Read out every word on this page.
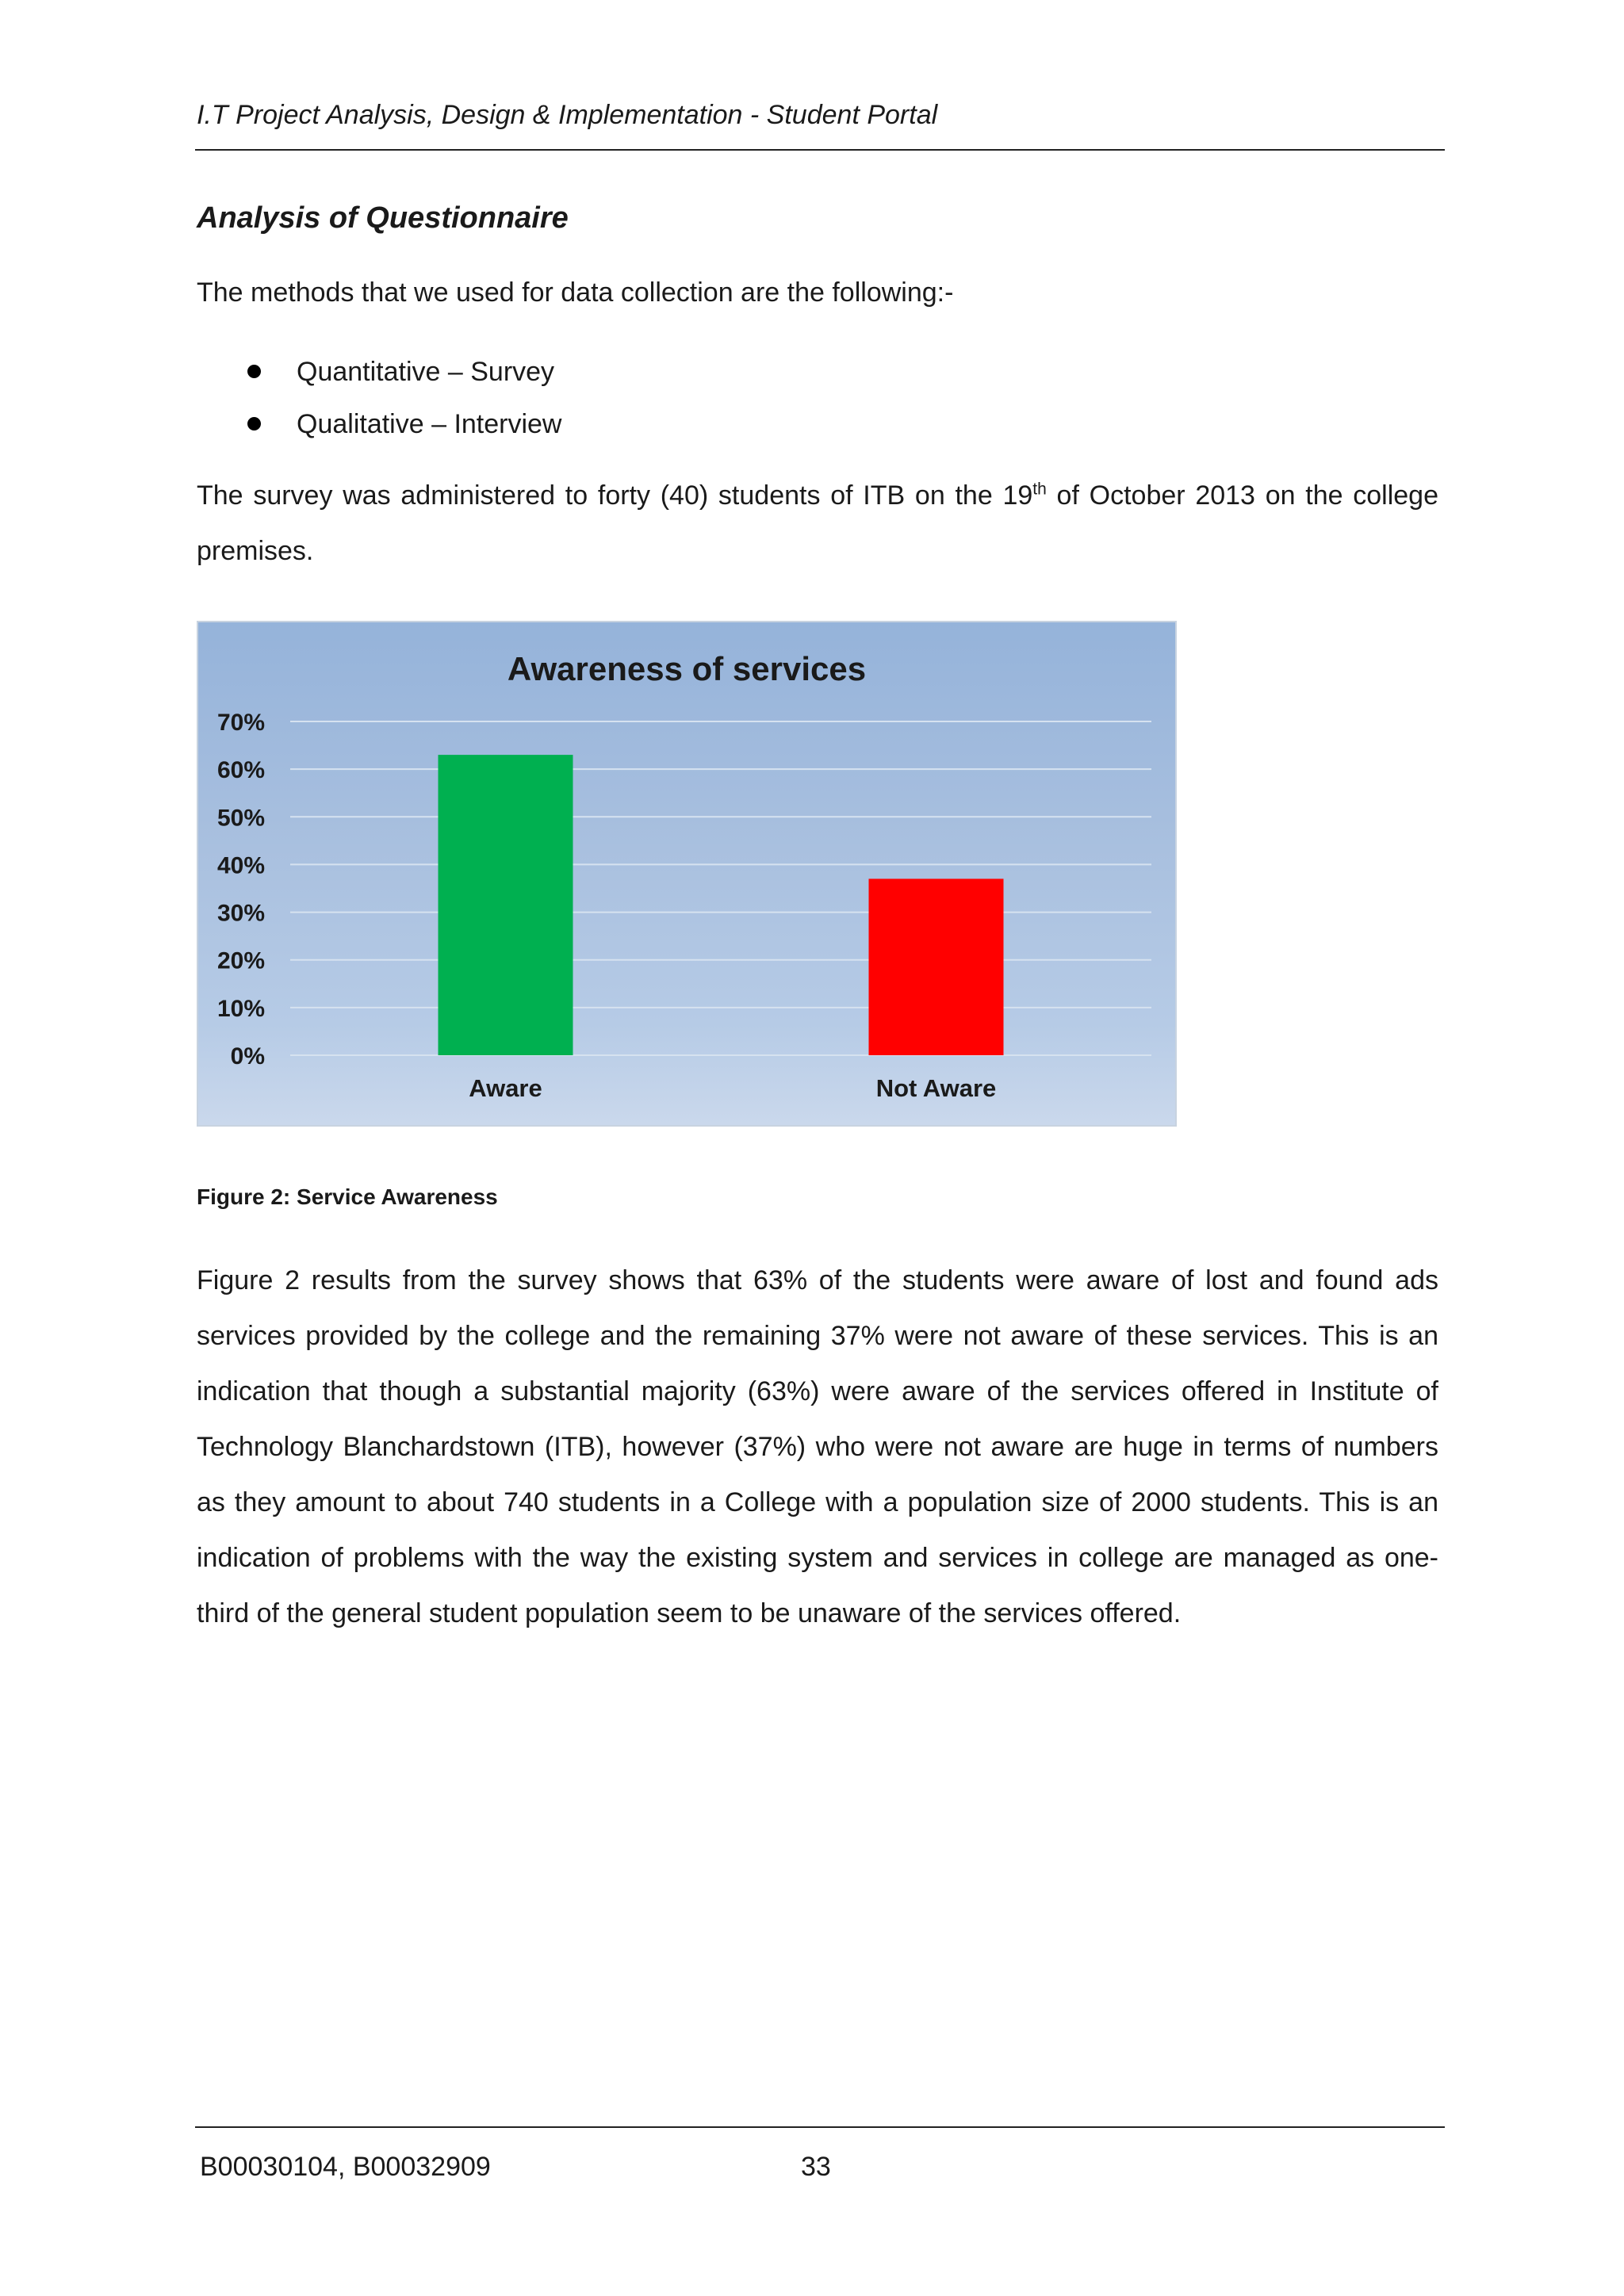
I.T Project Analysis, Design & Implementation - Student Portal
Analysis of Questionnaire
The methods that we used for data collection are the following:-
Quantitative – Survey
Qualitative – Interview
The survey was administered to forty (40) students of ITB on the 19th of October 2013 on the college premises.
Awareness of services
0%
10%
20%
30%
40%
50%
60%
70%
Aware	Not Aware
Figure 2: Service Awareness
Figure 2 results from the survey shows that 63% of the students were aware of lost and found ads services provided by the college and the remaining 37% were not aware of these services. This is an indication that though a substantial majority (63%) were aware of the services offered in Institute of Technology Blanchardstown (ITB), however (37%) who were not aware are huge in terms of numbers as they amount to about 740 students in a College with a population size of 2000 students. This is an indication of problems with the way the existing system and services in college are managed as one-third of the general student population seem to be unaware of the services offered.
B00030104, B00032909	33
